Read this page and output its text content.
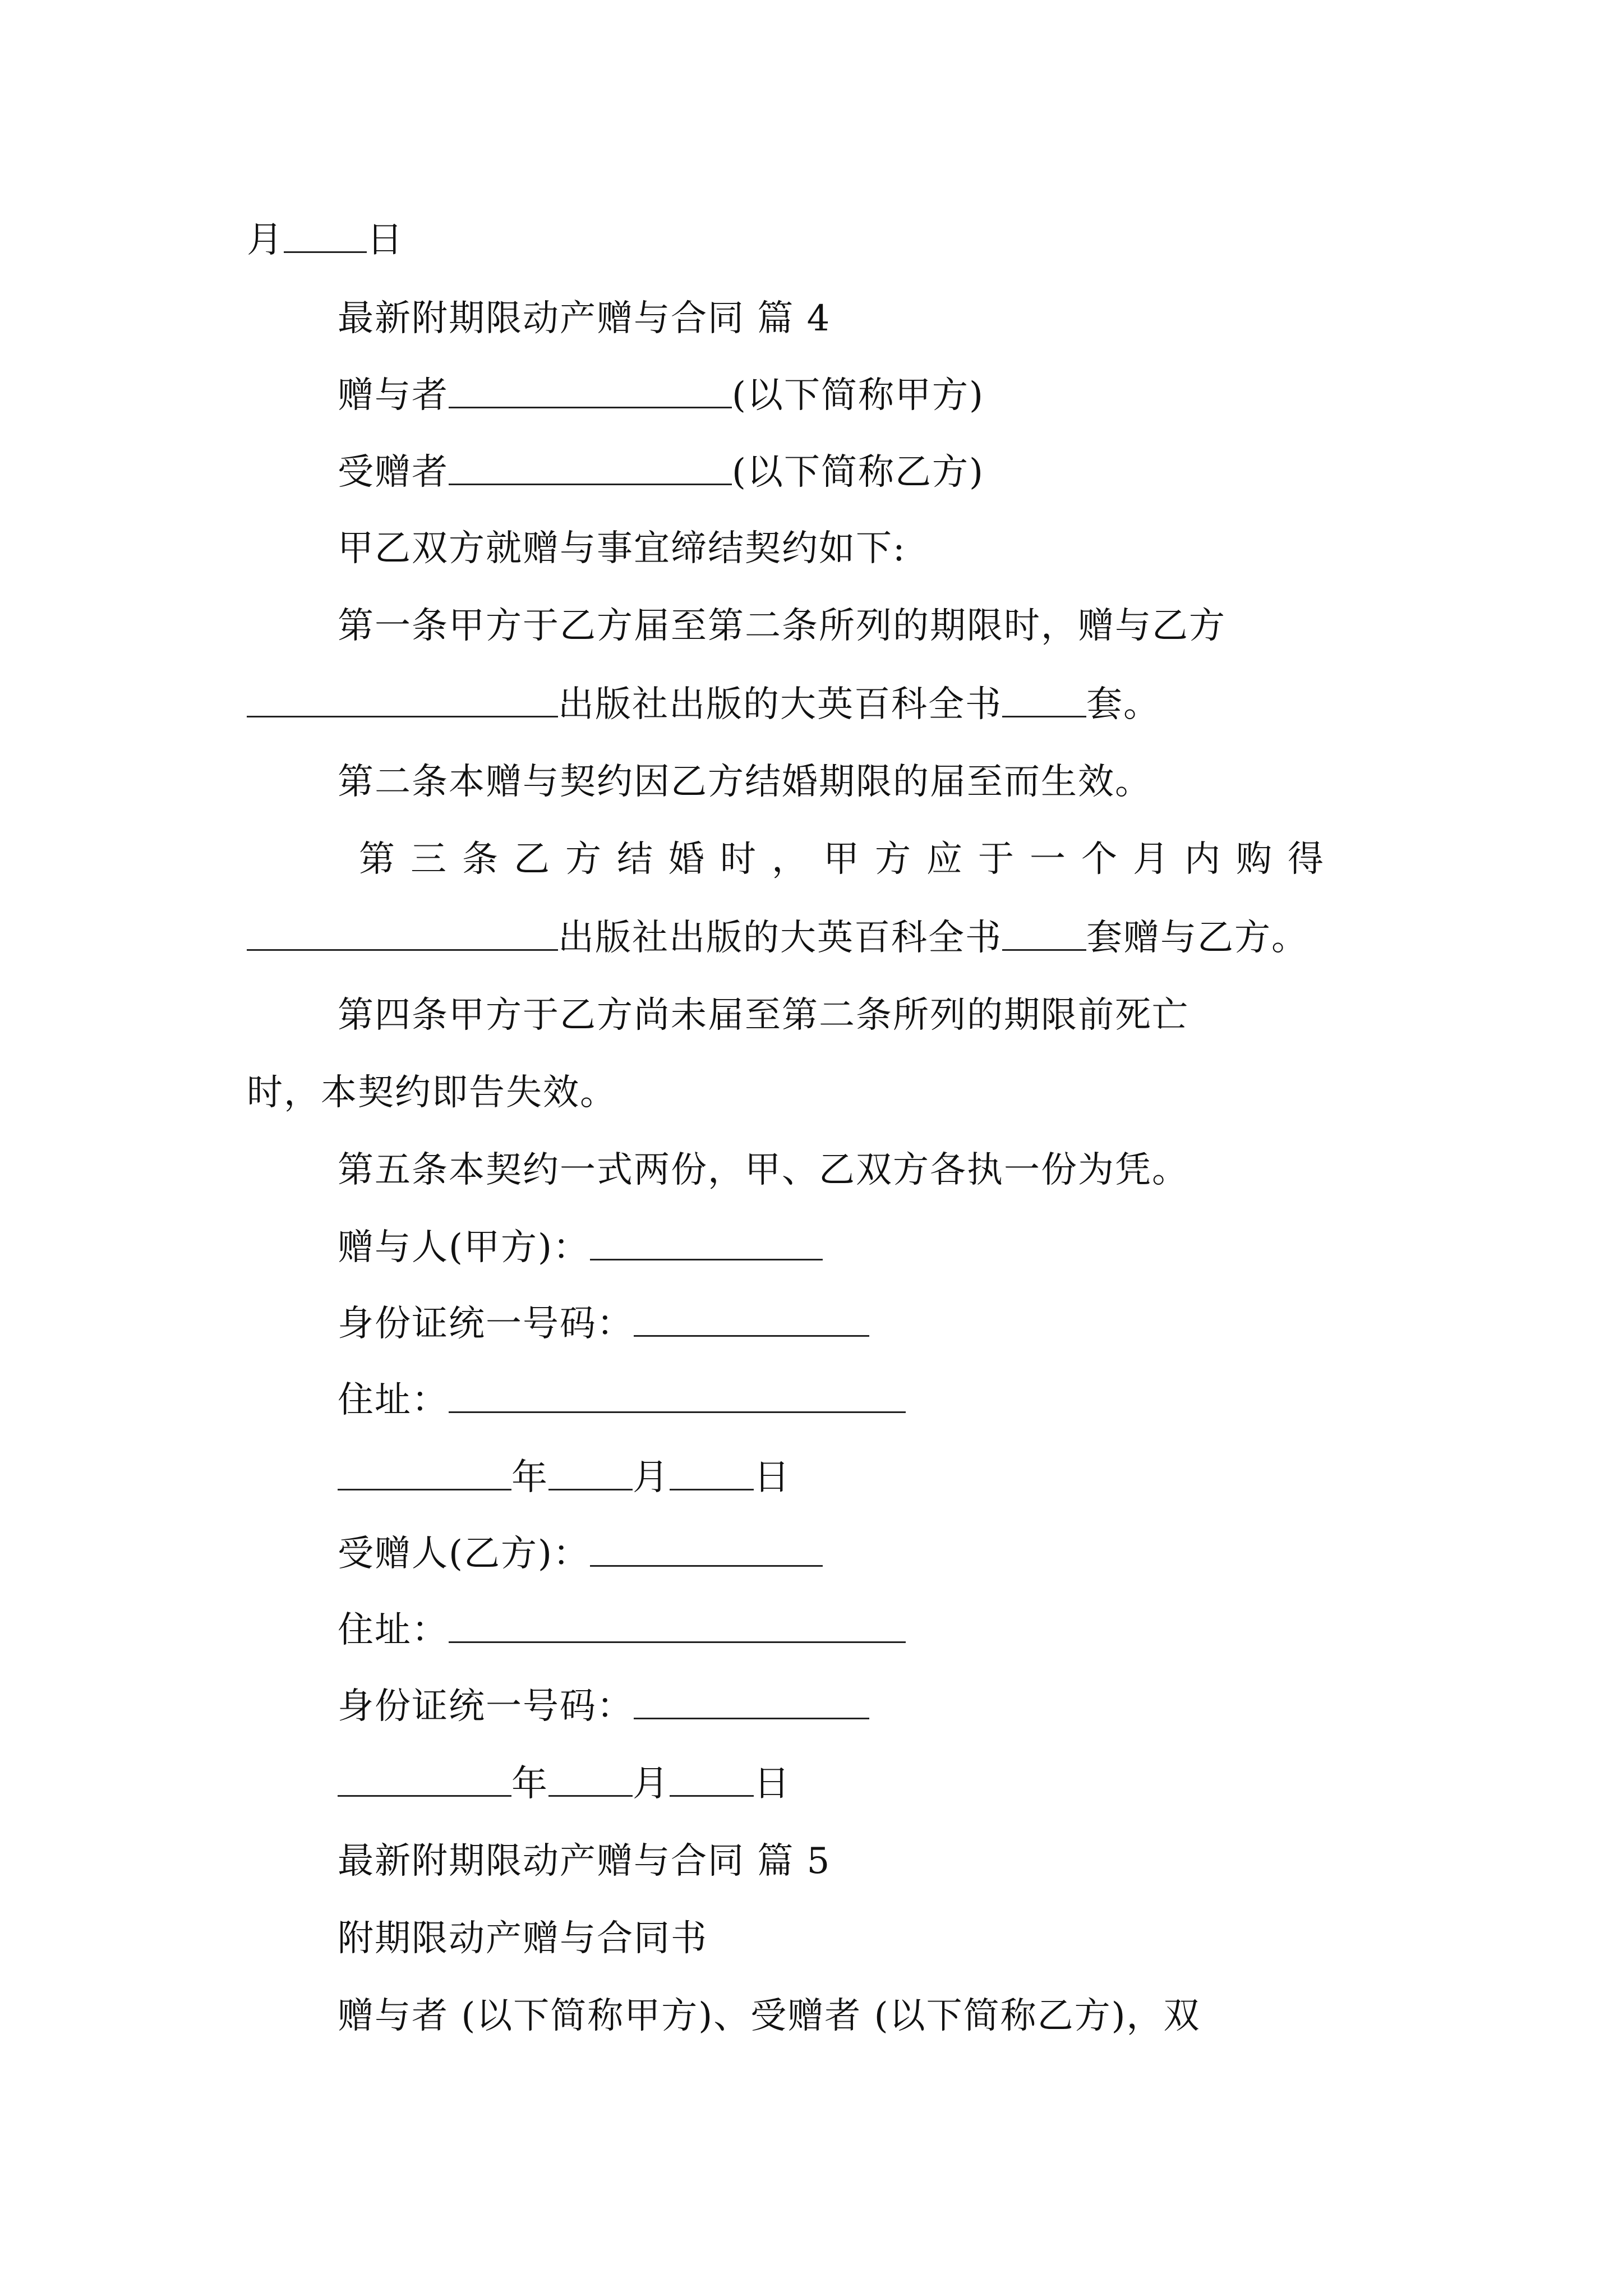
月 日
最新附期限动产赠与合同 篇 4
赠与者	(以下简称甲方)
受赠者	(以下简称乙方)
甲乙双方就赠与事宜缔结契约如下:
第一条甲方于乙方届至第二条所列的期限时，赠与乙方
出版社出版的大英百科全书 套。
第二条本赠与契约因乙方结婚期限的届至而生效。
第三条乙方结婚时，甲方应于一个月内购得
出版社出版的大英百科全书 套赠与乙方。
第四条甲方于乙方尚未届至第二条所列的期限前死亡
时，本契约即告失效。
第五条本契约一式两份，甲、乙双方各执一份为凭。
赠与人(甲方)：
身份证统一号码：
住址：
年 月 日
受赠人(乙方)：
住址：
身份证统一号码：
年 月 日
最新附期限动产赠与合同 篇 5
附期限动产赠与合同书
赠与者 (以下简称甲方)、受赠者 (以下简称乙方)，双
